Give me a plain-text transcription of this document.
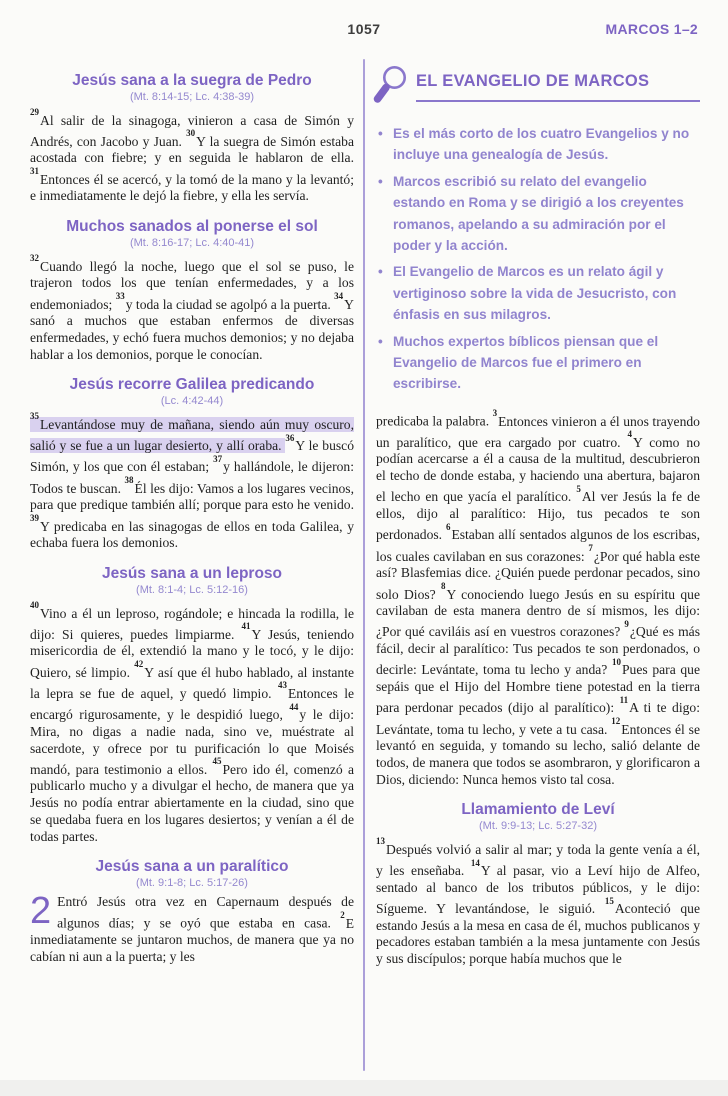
1057	MARCOS 1–2
Jesús sana a la suegra de Pedro
(Mt. 8:14-15; Lc. 4:38-39)

$^{29}$Al salir de la sinagoga, vinieron a casa de Simón y Andrés, con Jacobo y Juan. $^{30}$Y la suegra de Simón estaba acostada con fiebre; y en seguida le hablaron de ella. $^{31}$Entonces él se acercó, y la tomó de la mano y la levantó; e inmediatamente le dejó la fiebre, y ella les servía.

Muchos sanados al ponerse el sol
(Mt. 8:16-17; Lc. 4:40-41)

$^{32}$Cuando llegó la noche, luego que el sol se puso, le trajeron todos los que tenían enfermedades, y a los endemoniados; $^{33}$y toda la ciudad se agolpó a la puerta. $^{34}$Y sanó a muchos que estaban enfermos de diversas enfermedades, y echó fuera muchos demonios; y no dejaba hablar a los demonios, porque le conocían.

Jesús recorre Galilea predicando
(Lc. 4:42-44)

$^{35}$Levantándose muy de mañana, siendo aún muy oscuro, salió y se fue a un lugar desierto, y allí oraba. $^{36}$Y le buscó Simón, y los que con él estaban; $^{37}$y hallándole, le dijeron: Todos te buscan. $^{38}$Él les dijo: Vamos a los lugares vecinos, para que predique también allí; porque para esto he venido. $^{39}$Y predicaba en las sinagogas de ellos en toda Galilea, y echaba fuera los demonios.

Jesús sana a un leproso
(Mt. 8:1-4; Lc. 5:12-16)

$^{40}$Vino a él un leproso, rogándole; e hincada la rodilla, le dijo: Si quieres, puedes limpiarme. $^{41}$Y Jesús, teniendo misericordia de él, extendió la mano y le tocó, y le dijo: Quiero, sé limpio. $^{42}$Y así que él hubo hablado, al instante la lepra se fue de aquel, y quedó limpio. $^{43}$Entonces le encargó rigurosamente, y le despidió luego, $^{44}$y le dijo: Mira, no digas a nadie nada, sino ve, muéstrate al sacerdote, y ofrece por tu purificación lo que Moisés mandó, para testimonio a ellos. $^{45}$Pero ido él, comenzó a publicarlo mucho y a divulgar el hecho, de manera que ya Jesús no podía entrar abiertamente en la ciudad, sino que se quedaba fuera en los lugares desiertos; y venían a él de todas partes.

Jesús sana a un paralítico
(Mt. 9:1-8; Lc. 5:17-26)

2 Entró Jesús otra vez en Capernaum después de algunos días; y se oyó que estaba en casa. $^2$E inmediatamente se juntaron muchos, de manera que ya no cabían ni aun a la puerta; y les

EL EVANGELIO DE MARCOS
• Es el más corto de los cuatro Evangelios y no incluye una genealogía de Jesús.
• Marcos escribió su relato del evangelio estando en Roma y se dirigió a los creyentes romanos, apelando a su admiración por el poder y la acción.
• El Evangelio de Marcos es un relato ágil y vertiginoso sobre la vida de Jesucristo, con énfasis en sus milagros.
• Muchos expertos bíblicos piensan que el Evangelio de Marcos fue el primero en escribirse.

predicaba la palabra. $^3$Entonces vinieron a él unos trayendo un paralítico, que era cargado por cuatro. $^4$Y como no podían acercarse a él a causa de la multitud, descubrieron el techo de donde estaba, y haciendo una abertura, bajaron el lecho en que yacía el paralítico. $^5$Al ver Jesús la fe de ellos, dijo al paralítico: Hijo, tus pecados te son perdonados. $^6$Estaban allí sentados algunos de los escribas, los cuales cavilaban en sus corazones: $^7$¿Por qué habla este así? Blasfemias dice. ¿Quién puede perdonar pecados, sino solo Dios? $^8$Y conociendo luego Jesús en su espíritu que cavilaban de esta manera dentro de sí mismos, les dijo: ¿Por qué caviláis así en vuestros corazones? $^9$¿Qué es más fácil, decir al paralítico: Tus pecados te son perdonados, o decirle: Levántate, toma tu lecho y anda? $^{10}$Pues para que sepáis que el Hijo del Hombre tiene potestad en la tierra para perdonar pecados (dijo al paralítico): $^{11}$A ti te digo: Levántate, toma tu lecho, y vete a tu casa. $^{12}$Entonces él se levantó en seguida, y tomando su lecho, salió delante de todos, de manera que todos se asombraron, y glorificaron a Dios, diciendo: Nunca hemos visto tal cosa.

Llamamiento de Leví
(Mt. 9:9-13; Lc. 5:27-32)

$^{13}$Después volvió a salir al mar; y toda la gente venía a él, y les enseñaba. $^{14}$Y al pasar, vio a Leví hijo de Alfeo, sentado al banco de los tributos públicos, y le dijo: Sígueme. Y levantándose, le siguió. $^{15}$Aconteció que estando Jesús a la mesa en casa de él, muchos publicanos y pecadores estaban también a la mesa juntamente con Jesús y sus discípulos; porque había muchos que le
